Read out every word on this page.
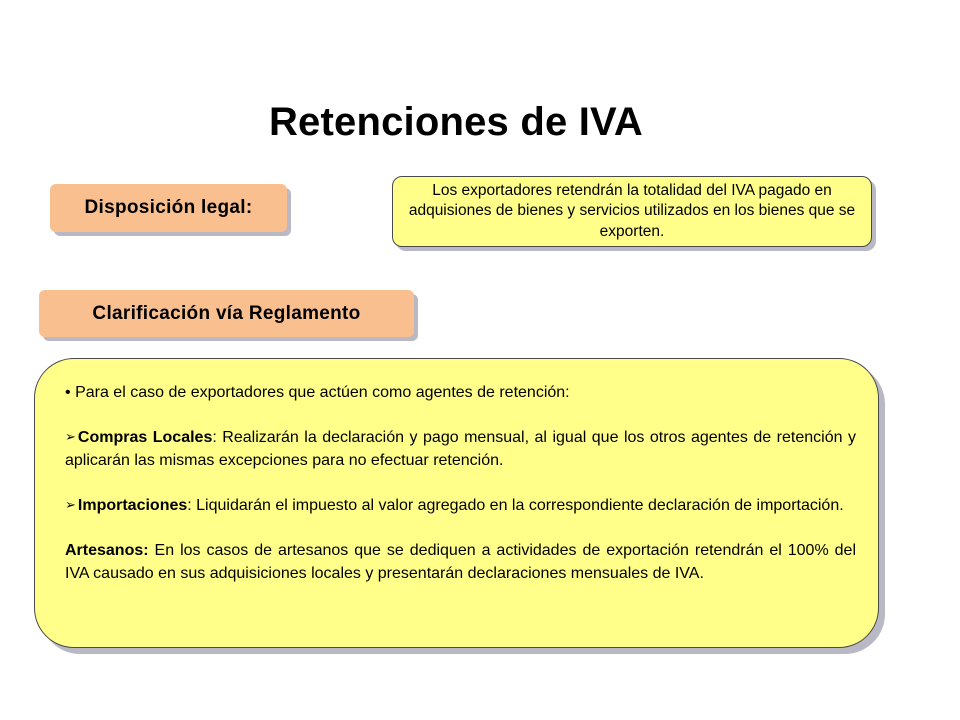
Retenciones de IVA
Disposición legal:
Los exportadores retendrán la totalidad del IVA pagado en adquisiones de bienes y servicios utilizados en los bienes que se exporten.
Clarificación vía Reglamento

• Para el caso de exportadores que actúen como agentes de retención:

➢ Compras Locales: Realizarán la declaración y pago mensual, al igual que los otros agentes de retención y aplicarán las mismas excepciones para no efectuar retención.

➢ Importaciones: Liquidarán el impuesto al valor agregado en la correspondiente declaración de importación.

Artesanos: En los casos de artesanos que se dediquen a actividades de exportación retendrán el 100% del IVA causado en sus adquisiciones locales y presentarán declaraciones mensuales de IVA.
